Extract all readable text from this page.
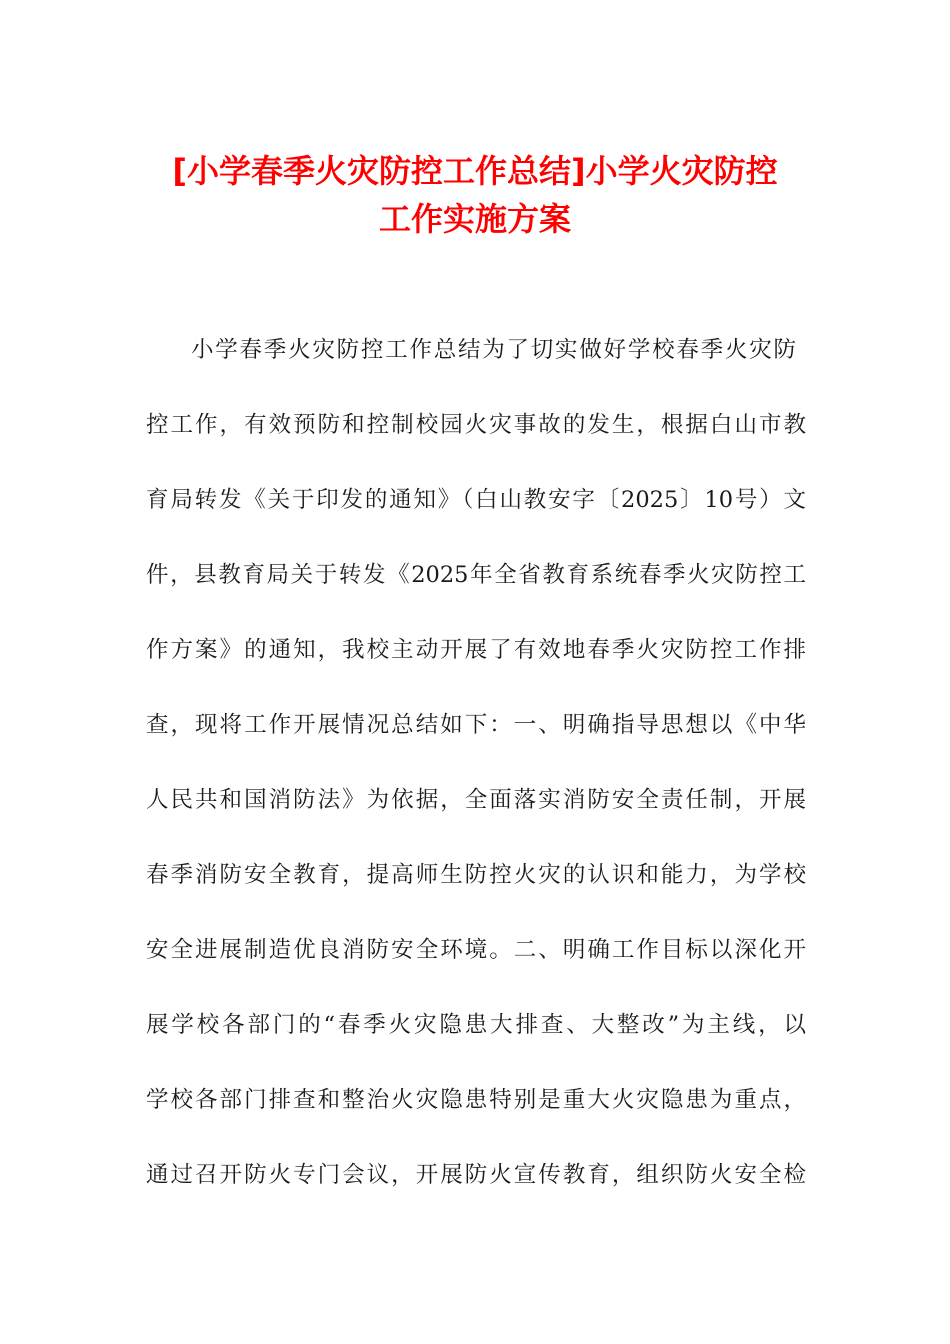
[小学春季火灾防控工作总结]小学火灾防控
工作实施方案

小学春季火灾防控工作总结为了切实做好学校春季火灾防

控工作，有效预防和控制校园火灾事故的发生，根据白山市教

育局转发《关于印发的通知》（白山教安字〔2025〕10号）文

件，县教育局关于转发《2025年全省教育系统春季火灾防控工

作方案》的通知，我校主动开展了有效地春季火灾防控工作排

查，现将工作开展情况总结如下：一、明确指导思想以《中华

人民共和国消防法》为依据，全面落实消防安全责任制，开展

春季消防安全教育，提高师生防控火灾的认识和能力，为学校

安全进展制造优良消防安全环境。二、明确工作目标以深化开

展学校各部门的“春季火灾隐患大排查、大整改”为主线，以

学校各部门排查和整治火灾隐患特别是重大火灾隐患为重点，

通过召开防火专门会议，开展防火宣传教育，组织防火安全检
